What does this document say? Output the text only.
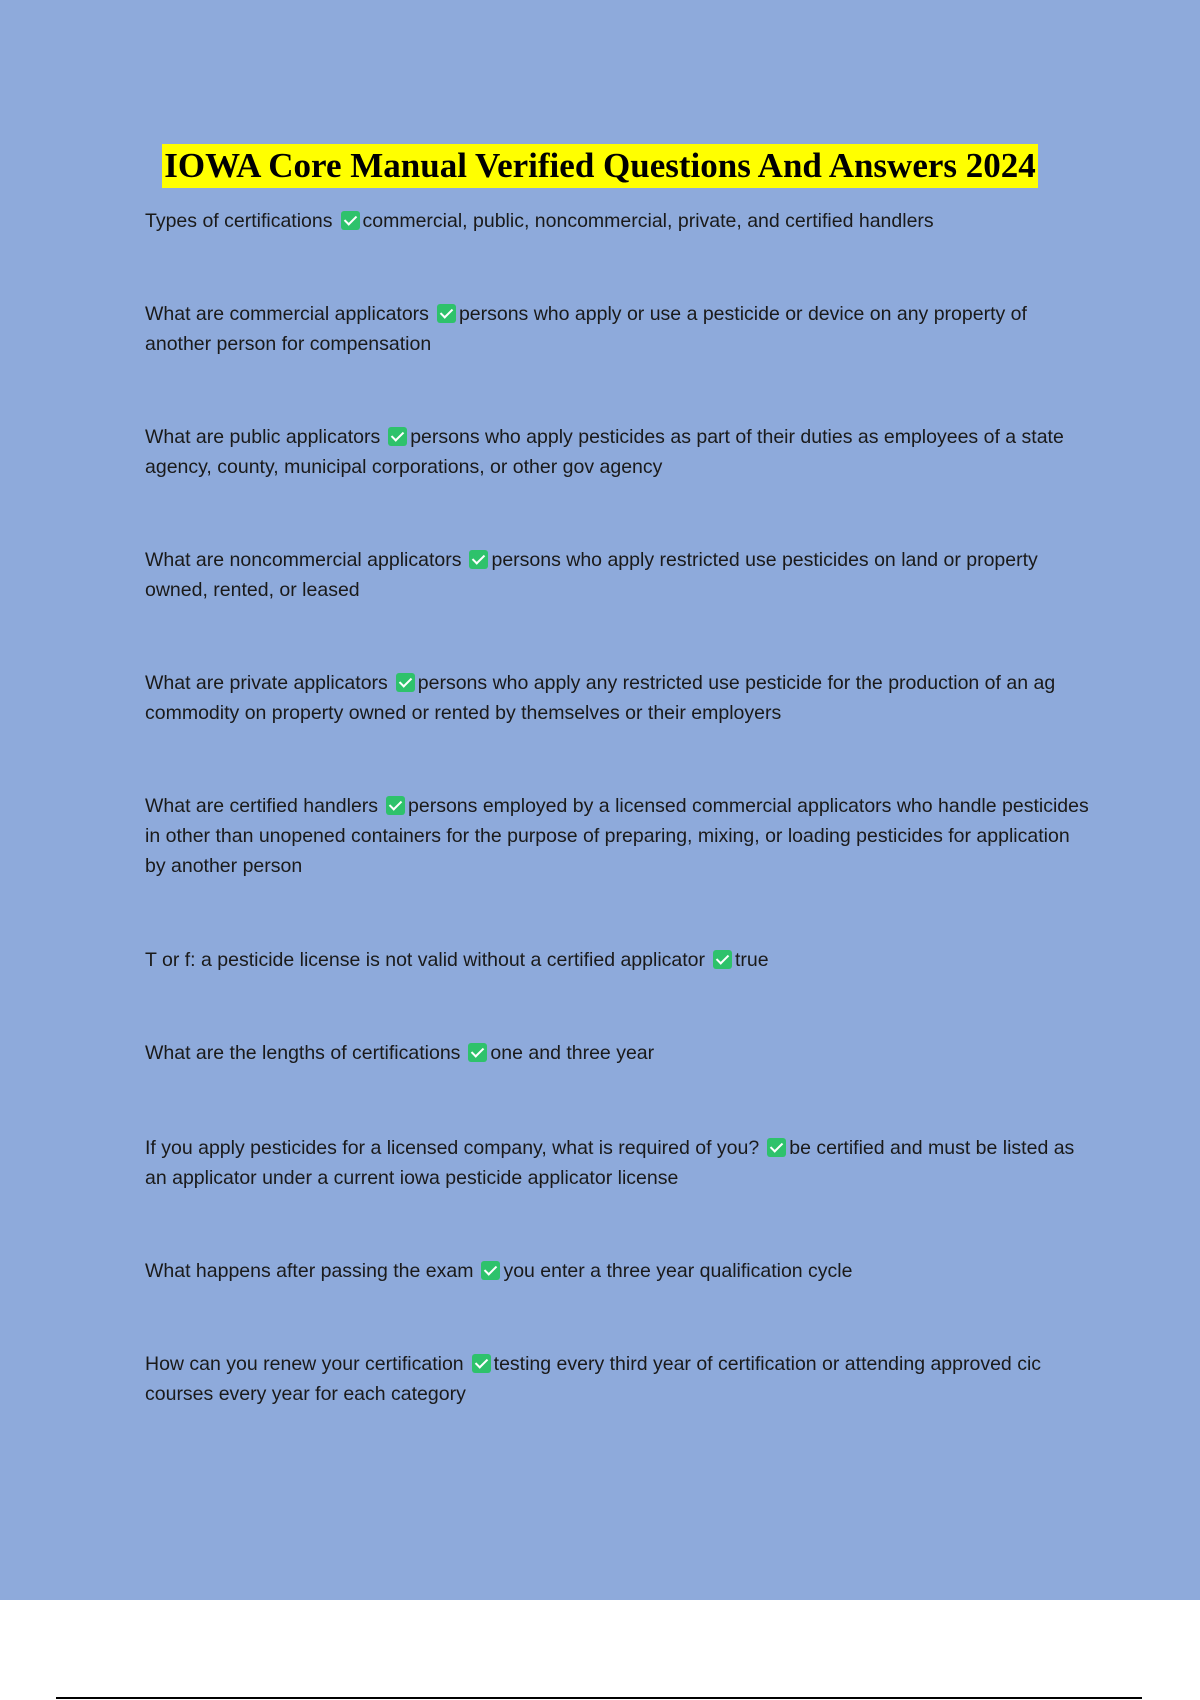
IOWA Core Manual Verified Questions And Answers 2024
Types of certifications commercial, public, noncommercial, private, and certified handlers
What are commercial applicators persons who apply or use a pesticide or device on any property of another person for compensation
What are public applicators persons who apply pesticides as part of their duties as employees of a state agency, county, municipal corporations, or other gov agency
What are noncommercial applicators persons who apply restricted use pesticides on land or property owned, rented, or leased
What are private applicators persons who apply any restricted use pesticide for the production of an ag commodity on property owned or rented by themselves or their employers
What are certified handlers persons employed by a licensed commercial applicators who handle pesticides in other than unopened containers for the purpose of preparing, mixing, or loading pesticides for application by another person
T or f: a pesticide license is not valid without a certified applicator true
What are the lengths of certifications one and three year
If you apply pesticides for a licensed company, what is required of you? be certified and must be listed as an applicator under a current iowa pesticide applicator license
What happens after passing the exam you enter a three year qualification cycle
How can you renew your certification testing every third year of certification or attending approved cic courses every year for each category
